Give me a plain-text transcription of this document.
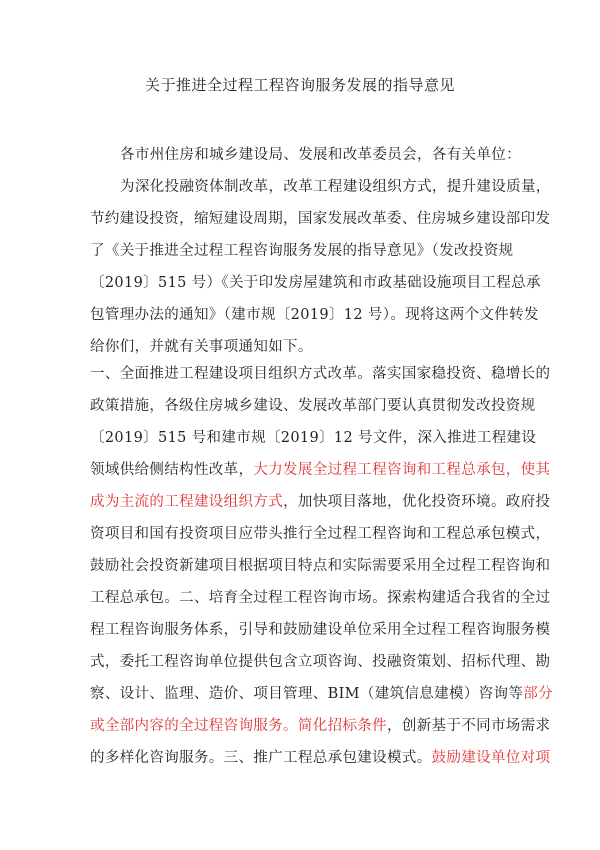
关于推进全过程工程咨询服务发展的指导意见
各市州住房和城乡建设局、发展和改革委员会，各有关单位：
为深化投融资体制改革，改革工程建设组织方式，提升建设质量，
节约建设投资，缩短建设周期，国家发展改革委、住房城乡建设部印发
了《关于推进全过程工程咨询服务发展的指导意见》（发改投资规
〔2019〕515 号）《关于印发房屋建筑和市政基础设施项目工程总承
包管理办法的通知》（建市规〔2019〕12 号）。现将这两个文件转发
给你们，并就有关事项通知如下。
一、全面推进工程建设项目组织方式改革。落实国家稳投资、稳增长的
政策措施，各级住房城乡建设、发展改革部门要认真贯彻发改投资规
〔2019〕515 号和建市规〔2019〕12 号文件，深入推进工程建设
领域供给侧结构性改革，大力发展全过程工程咨询和工程总承包，使其
成为主流的工程建设组织方式，加快项目落地，优化投资环境。政府投
资项目和国有投资项目应带头推行全过程工程咨询和工程总承包模式，
鼓励社会投资新建项目根据项目特点和实际需要采用全过程工程咨询和
工程总承包。二、培育全过程工程咨询市场。探索构建适合我省的全过
程工程咨询服务体系，引导和鼓励建设单位采用全过程工程咨询服务模
式，委托工程咨询单位提供包含立项咨询、投融资策划、招标代理、勘
察、设计、监理、造价、项目管理、BIM（建筑信息建模）咨询等部分
或全部内容的全过程咨询服务。简化招标条件，创新基于不同市场需求
的多样化咨询服务。三、推广工程总承包建设模式。鼓励建设单位对项
